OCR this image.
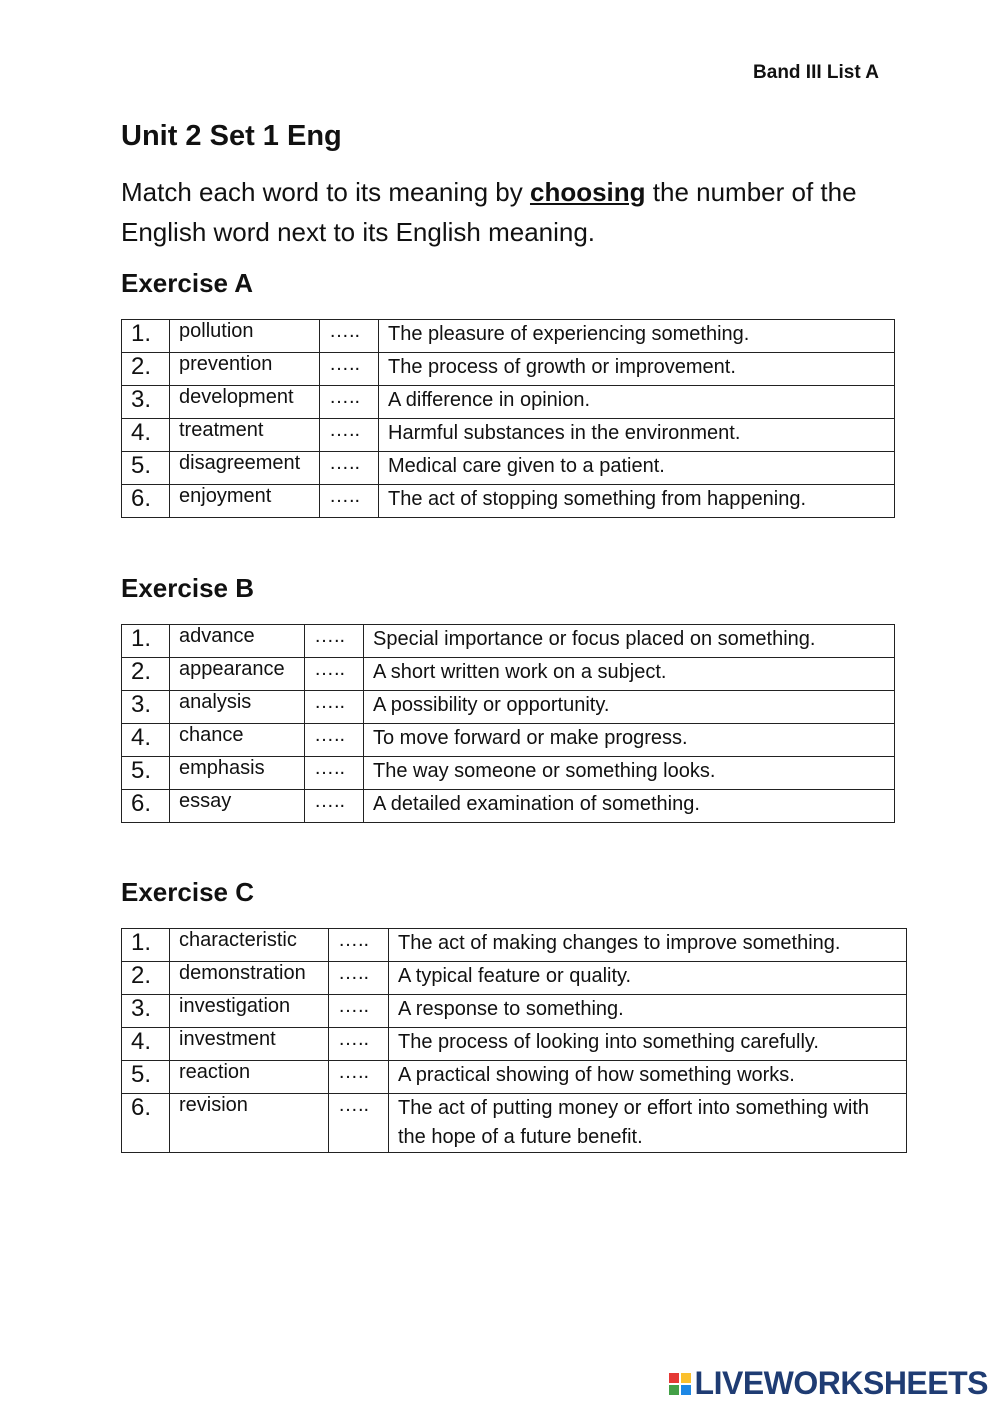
Band III List A
Unit 2 Set 1 Eng

Match each word to its meaning by choosing the number of the English word next to its English meaning.

Exercise A
1.	pollution	…..	The pleasure of experiencing something.
2.	prevention	…..	The process of growth or improvement.
3.	development	…..	A difference in opinion.
4.	treatment	…..	Harmful substances in the environment.
5.	disagreement	…..	Medical care given to a patient.
6.	enjoyment	…..	The act of stopping something from happening.
Exercise B
1.	advance	…..	Special importance or focus placed on something.
2.	appearance	…..	A short written work on a subject.
3.	analysis	…..	A possibility or opportunity.
4.	chance	…..	To move forward or make progress.
5.	emphasis	…..	The way someone or something looks.
6.	essay	…..	A detailed examination of something.
Exercise C
1.	characteristic	…..	The act of making changes to improve something.
2.	demonstration	…..	A typical feature or quality.
3.	investigation	…..	A response to something.
4.	investment	…..	The process of looking into something carefully.
5.	reaction	…..	A practical showing of how something works.
6.	revision	…..	The act of putting money or effort into something with the hope of a future benefit.
LIVEWORKSHEETS
